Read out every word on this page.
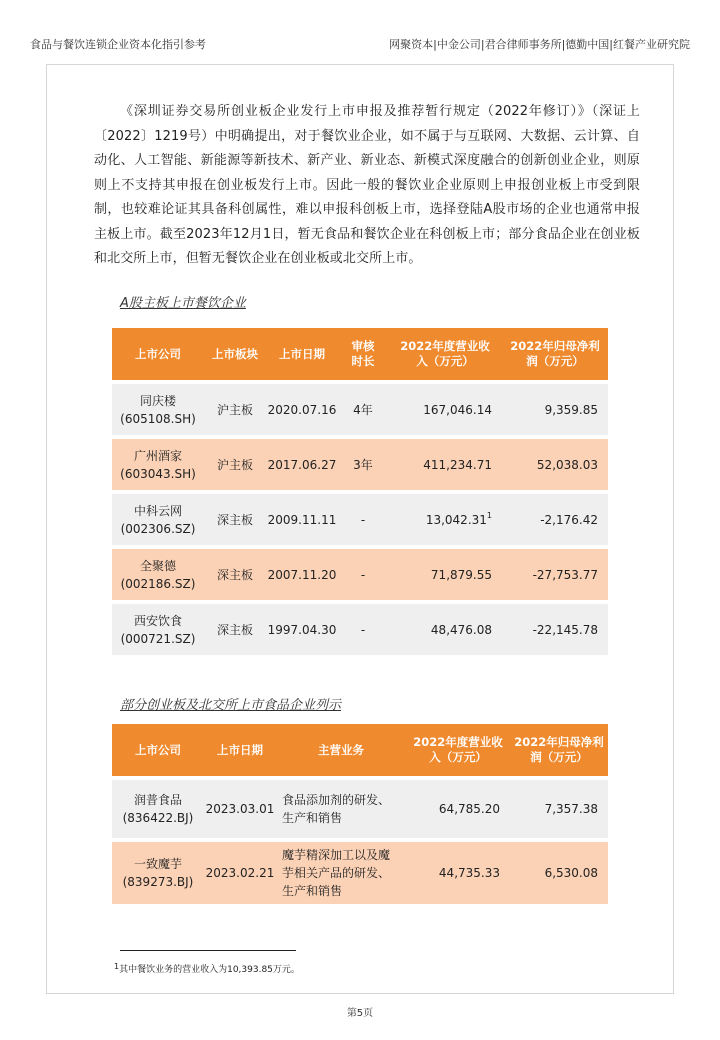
食品与餐饮连锁企业资本化指引参考	网聚资本|中金公司|君合律师事务所|德勤中国|红餐产业研究院

《深圳证券交易所创业板企业发行上市申报及推荐暂行规定（2022年修订）》（深证上〔2022〕1219号）中明确提出，对于餐饮业企业，如不属于与互联网、大数据、云计算、自动化、人工智能、新能源等新技术、新产业、新业态、新模式深度融合的创新创业企业，则原则上不支持其申报在创业板发行上市。因此一般的餐饮业企业原则上申报创业板上市受到限制，也较难论证其具备科创属性，难以申报科创板上市，选择登陆A股市场的企业也通常申报主板上市。截至2023年12月1日，暂无食品和餐饮企业在科创板上市；部分食品企业在创业板和北交所上市，但暂无餐饮企业在创业板或北交所上市。

A股主板上市餐饮企业
上市公司	上市板块	上市日期	审核时长	2022年度营业收入（万元）	2022年归母净利润（万元）

同庆楼
(605108.SH)	沪主板	2020.07.16	4年	167,046.14	9,359.85

广州酒家
(603043.SH)	沪主板	2017.06.27	3年	411,234.71	52,038.03

中科云网
(002306.SZ)	深主板	2009.11.11	-	13,042.31$^1$	-2,176.42

全聚德
(002186.SZ)	深主板	2007.11.20	-	71,879.55	-27,753.77

西安饮食
(000721.SZ)	深主板	1997.04.30	-	48,476.08	-22,145.78
部分创业板及北交所上市食品企业列示
上市公司	上市日期	主营业务	2022年度营业收入（万元）	2022年归母净利润（万元）

润普食品
(836422.BJ)	2023.03.01	食品添加剂的研发、生产和销售	64,785.20	7,357.38

一致魔芋
(839273.BJ)	2023.02.21	魔芋精深加工以及魔芋相关产品的研发、生产和销售	44,735.33	6,530.08
$^1$其中餐饮业务的营业收入为10,393.85万元。
第5页
